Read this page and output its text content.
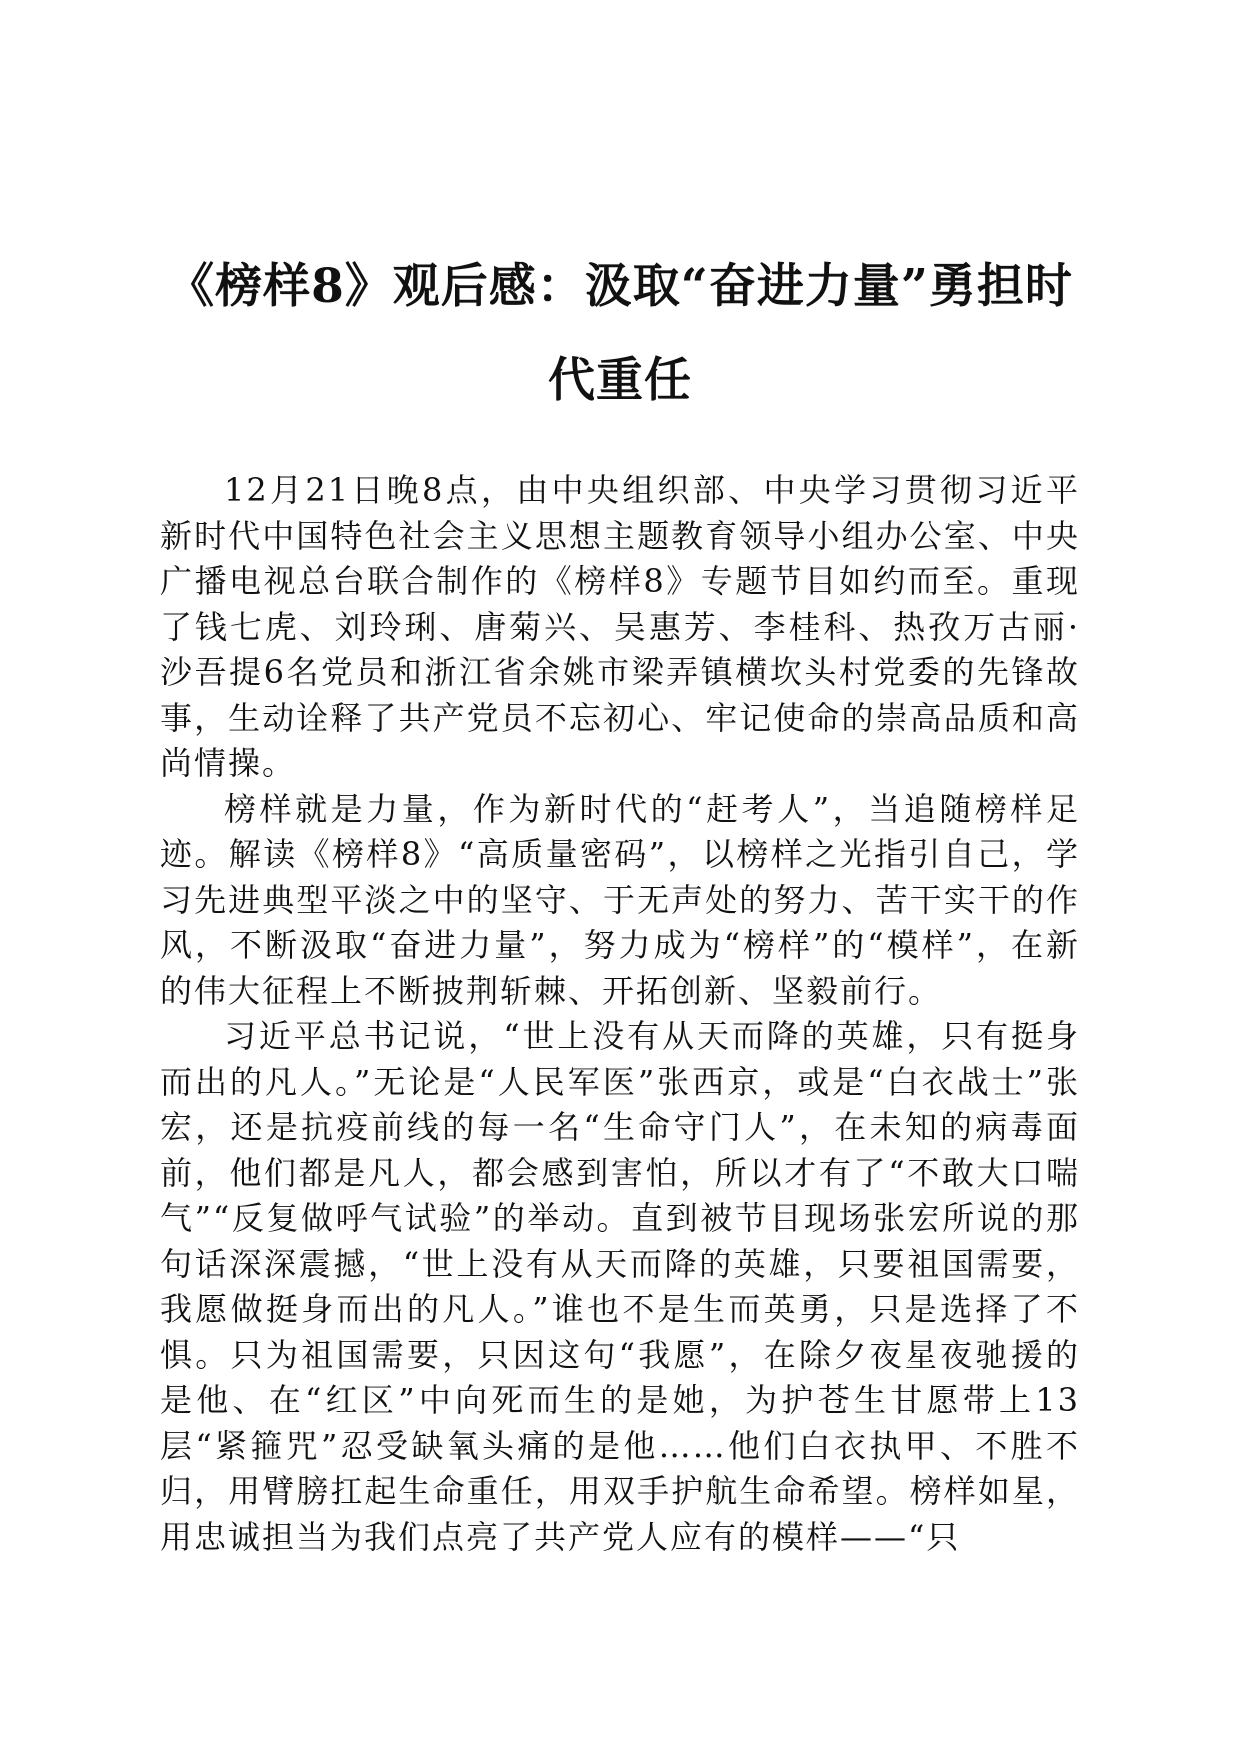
《榜样8》观后感：汲取“奋进力量”勇担时
代重任

12月21日晚8点，由中央组织部、中央学习贯彻习近平新时代中国特色社会主义思想主题教育领导小组办公室、中央广播电视总台联合制作的《榜样8》专题节目如约而至。重现了钱七虎、刘玲琍、唐菊兴、吴惠芳、李桂科、热孜万古丽·沙吾提6名党员和浙江省余姚市梁弄镇横坎头村党委的先锋故事，生动诠释了共产党员不忘初心、牢记使命的崇高品质和高尚情操。

榜样就是力量，作为新时代的“赶考人”，当追随榜样足迹。解读《榜样8》“高质量密码”，以榜样之光指引自己，学习先进典型平淡之中的坚守、于无声处的努力、苦干实干的作风，不断汲取“奋进力量”，努力成为“榜样”的“模样”，在新的伟大征程上不断披荆斩棘、开拓创新、坚毅前行。

习近平总书记说，“世上没有从天而降的英雄，只有挺身而出的凡人。”无论是“人民军医”张西京，或是“白衣战士”张宏，还是抗疫前线的每一名“生命守门人”，在未知的病毒面前，他们都是凡人，都会感到害怕，所以才有了“不敢大口喘气”“反复做呼气试验”的举动。直到被节目现场张宏所说的那句话深深震撼，“世上没有从天而降的英雄，只要祖国需要，我愿做挺身而出的凡人。”谁也不是生而英勇，只是选择了不惧。只为祖国需要，只因这句“我愿”，在除夕夜星夜驰援的是他、在“红区”中向死而生的是她，为护苍生甘愿带上13层“紧箍咒”忍受缺氧头痛的是他……他们白衣执甲、不胜不归，用臂膀扛起生命重任，用双手护航生命希望。榜样如星，用忠诚担当为我们点亮了共产党人应有的模样——“只
